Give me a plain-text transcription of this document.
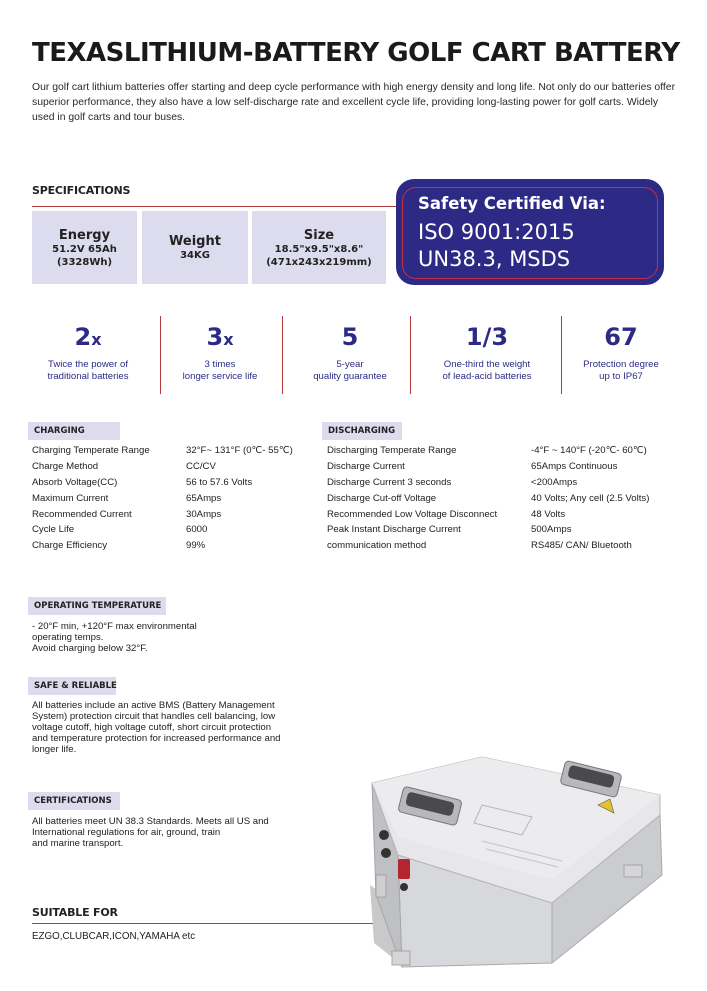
TEXASLITHIUM-BATTERY GOLF CART BATTERY
Our golf cart lithium batteries offer starting and deep cycle performance with high energy density and long life. Not only do our batteries offer superior performance, they also have a low self-discharge rate and excellent cycle life, providing long-lasting power for golf carts. Widely used in golf carts and tour buses.
SPECIFICATIONS
Energy
51.2V 65Ah
(3328Wh)
Weight
34KG
Size
18.5"x9.5"x8.6"
(471x243x219mm)
Safety Certified Via:
ISO 9001:2015
UN38.3, MSDS
2x
Twice the power of
traditional batteries
3x
3 times
longer service life
5
5-year
quality guarantee
1/3
One-third the weight
of lead-acid batteries
67
Protection degree
up to IP67
CHARGING
Charging Temperate Range	32°F~ 131°F (0℃- 55℃)
Charge Method	CC/CV
Absorb Voltage(CC)	56 to 57.6 Volts
Maximum Current	65Amps
Recommended Current	30Amps
Cycle Life	6000
Charge Efficiency	99%
DISCHARGING
Discharging Temperate Range	-4°F ~ 140°F (-20℃- 60℃)
Discharge Current	65Amps Continuous
Discharge Current 3 seconds	<200Amps
Discharge Cut-off Voltage	40 Volts; Any cell (2.5 Volts)
Recommended Low Voltage Disconnect	48 Volts
Peak Instant Discharge Current	500Amps
communication method	RS485/ CAN/ Bluetooth
OPERATING TEMPERATURE
- 20°F min, +120°F max environmental
operating temps.
Avoid charging below 32°F.
SAFE & RELIABLE
All batteries include an active BMS (Battery Management
System) protection circuit that handles cell balancing, low
voltage cutoff, high voltage cutoff, short circuit protection
and temperature protection for increased performance and
longer life.
CERTIFICATIONS
All batteries meet UN 38.3 Standards. Meets all US and
International regulations for air, ground, train
and marine transport.
SUITABLE FOR
EZGO,CLUBCAR,ICON,YAMAHA etc
